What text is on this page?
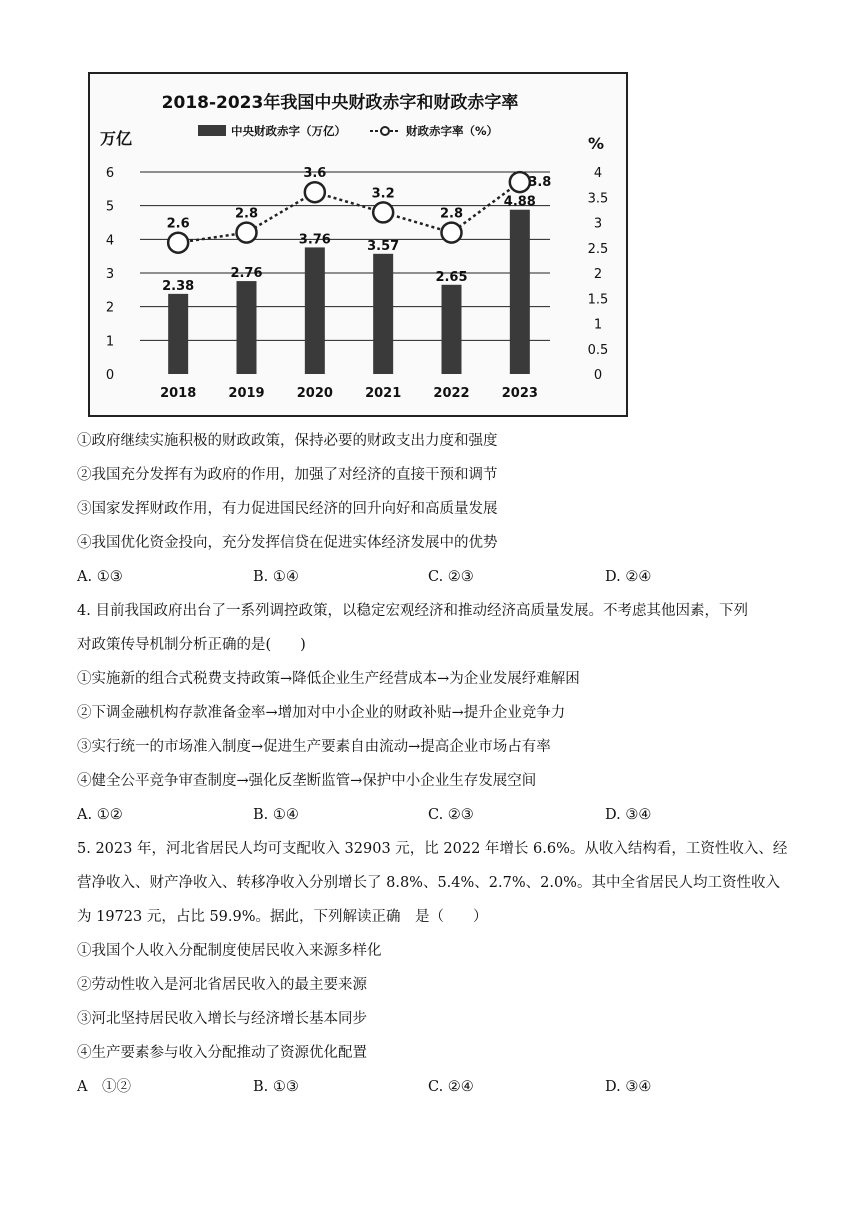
2018-2023年我国中央财政赤字和财政赤字率
中央财政赤字（万亿）	财政赤字率（%）
万亿	%
0
1
2
3
4
5
6
0
0.5
1
1.5
2
2.5
3
3.5
4
2.38
2.76
3.76	3.57
2.65
4.88
2.6
2.8
3.6
3.2
2.8
3.8
2018 2019 2020 2021 2022 2023
①政府继续实施积极的财政政策，保持必要的财政支出力度和强度
②我国充分发挥有为政府的作用，加强了对经济的直接干预和调节
③国家发挥财政作用，有力促进国民经济的回升向好和高质量发展
④我国优化资金投向，充分发挥信贷在促进实体经济发展中的优势
A. ①③	B. ①④	C. ②③	D. ②④
4. 目前我国政府出台了一系列调控政策，以稳定宏观经济和推动经济高质量发展。不考虑其他因素，下列
对政策传导机制分析正确的是(　　)
①实施新的组合式税费支持政策→降低企业生产经营成本→为企业发展纾难解困
②下调金融机构存款准备金率→增加对中小企业的财政补贴→提升企业竞争力
③实行统一的市场准入制度→促进生产要素自由流动→提高企业市场占有率
④健全公平竞争审查制度→强化反垄断监管→保护中小企业生存发展空间
A. ①②	B. ①④	C. ②③	D. ③④
5. 2023 年，河北省居民人均可支配收入 32903 元，比 2022 年增长 6.6%。从收入结构看，工资性收入、经
营净收入、财产净收入、转移净收入分别增长了 8.8%、5.4%、2.7%、2.0%。其中全省居民人均工资性收入
为 19723 元，占比 59.9%。据此，下列解读正确　是（　　）
①我国个人收入分配制度使居民收入来源多样化
②劳动性收入是河北省居民收入的最主要来源
③河北坚持居民收入增长与经济增长基本同步
④生产要素参与收入分配推动了资源优化配置
A　①②	B. ①③	C. ②④	D. ③④
